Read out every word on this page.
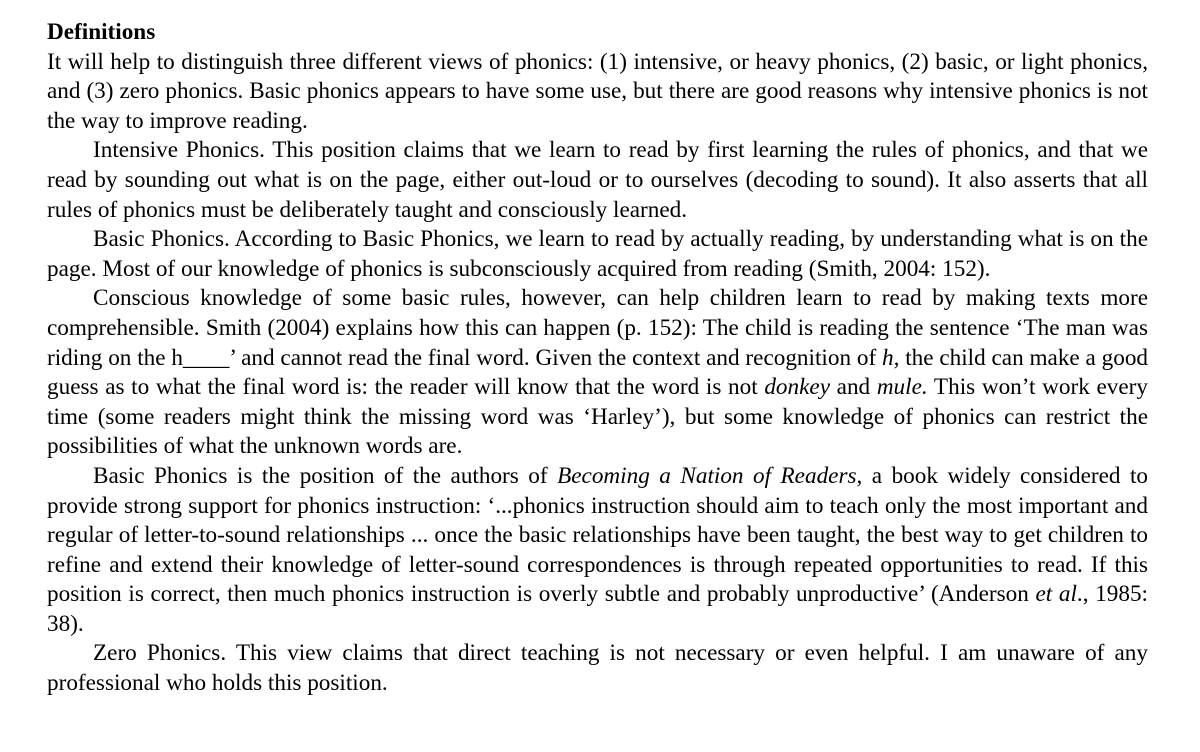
Definitions

It will help to distinguish three different views of phonics: (1) intensive, or heavy phonics, (2) basic, or light phonics, and (3) zero phonics. Basic phonics appears to have some use, but there are good reasons why intensive phonics is not the way to improve reading.

Intensive Phonics. This position claims that we learn to read by first learning the rules of phonics, and that we read by sounding out what is on the page, either out-loud or to ourselves (decoding to sound). It also asserts that all rules of phonics must be deliberately taught and consciously learned.

Basic Phonics. According to Basic Phonics, we learn to read by actually reading, by understanding what is on the page. Most of our knowledge of phonics is subconsciously acquired from reading (Smith, 2004: 152).

Conscious knowledge of some basic rules, however, can help children learn to read by making texts more comprehensible. Smith (2004) explains how this can happen (p. 152): The child is reading the sentence ‘The man was riding on the h____’ and cannot read the final word. Given the context and recognition of h, the child can make a good guess as to what the final word is: the reader will know that the word is not donkey and mule. This won’t work every time (some readers might think the missing word was ‘Harley’), but some knowledge of phonics can restrict the possibilities of what the unknown words are.

Basic Phonics is the position of the authors of Becoming a Nation of Readers, a book widely considered to provide strong support for phonics instruction: ‘...phonics instruction should aim to teach only the most important and regular of letter-to-sound relationships ... once the basic relationships have been taught, the best way to get children to refine and extend their knowledge of letter-sound correspondences is through repeated opportunities to read. If this position is correct, then much phonics instruction is overly subtle and probably unproductive’ (Anderson et al., 1985: 38).

Zero Phonics. This view claims that direct teaching is not necessary or even helpful. I am unaware of any professional who holds this position.
